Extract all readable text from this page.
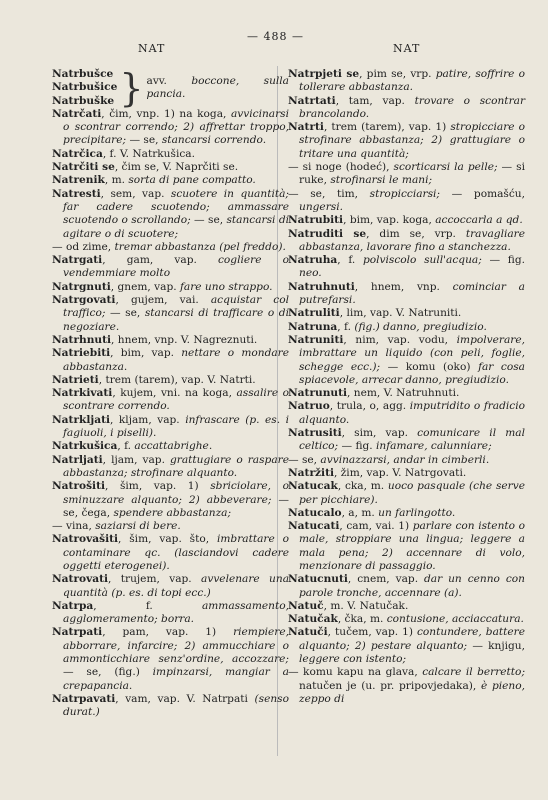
NAT
— 488 —
NAT
Natrbušce
Natrbušice
Natrbuške } avv. boccone, sulla pancia.

Natrčati, čim, vnp. 1) na koga, avvicinarsi o scontrar correndo; 2) affrettar troppo, precipitare; — se, stancarsi correndo.

Natrčica, f. V. Natrkušica.

Natrčiti se, čim se, V. Naprčiti se.

Natrenik, m. sorta di pane compatto.

Natresti, sem, vap. scuotere in quantità; far cadere scuotendo; ammassare scuotendo o scrollando; — se, stancarsi di agitare o di scuotere;

— od zime, tremar abbastanza (pel freddo).

Natrgati, gam, vap. cogliere o vendemmiare molto

Natrgnuti, gnem, vap. fare uno strappo.

Natrgovati, gujem, vai. acquistar col traffico; — se, stancarsi di trafficare o di negoziare.

Natrhnuti, hnem, vnp. V. Nagreznuti.

Natriebiti, bim, vap. nettare o mondare abbastanza.

Natrieti, trem (tarem), vap. V. Natrti.

Natrkivati, kujem, vni. na koga, assalire o scontrare correndo.

Natrkljati, kljam, vap. infrascare (p. es. i fagiuoli, i piselli).

Natrkušica, f. accattabrighe.

Natrljati, ljam, vap. grattugiare o raspare abbastanza; strofinare alquanto.

Natrošiti, šim, vap. 1) sbriciolare, o sminuzzare alquanto; 2) abbeverare; — se, čega, spendere abbastanza;

— vina, saziarsi di bere.

Natrovašiti, šim, vap. što, imbrattare o contaminare qc. (lasciandovi cadere oggetti eterogenei).

Natrovati, trujem, vap. avvelenare una quantità (p. es. di topi ecc.)

Natrpa, f. ammassamento, agglomeramento; borra.

Natrpati, pam, vap. 1) riempiere, abborrare, infarcire; 2) ammucchiare o ammonticchiare senz'ordine, accozzare; — se, (fig.) impinzarsi, mangiar a crepapancia.

Natrpavati, vam, vap. V. Natrpati (senso durat.)

Natrpjeti se, pim se, vrp. patire, soffrire o tollerare abbastanza.

Natrtati, tam, vap. trovare o scontrar brancolando.

Natrti, trem (tarem), vap. 1) stropicciare o strofinare abbastanza; 2) grattugiare o tritare una quantità;

— si noge (hodeć), scorticarsi la pelle; — si ruke, strofinarsi le mani;

— se, tim, stropicciarsi; — pomašću, ungersi.

Natrubiti, bim, vap. koga, accoccarla a qd.

Natruditi se, dim se, vrp. travagliare abbastanza, lavorare fino a stanchezza.

Natruha, f. polviscolo sull'acqua; — fig. neo.

Natruhnuti, hnem, vnp. cominciar a putrefarsi.

Natruliti, lim, vap. V. Natruniti.

Natruna, f. (fig.) danno, pregiudizio.

Natruniti, nim, vap. vodu, impolverare, imbrattare un liquido (con peli, foglie, schegge ecc.); — komu (oko) far cosa spiacevole, arrecar danno, pregiudizio.

Natrunuti, nem, V. Natruhnuti.

Natruo, trula, o, agg. imputridito o fradicio alquanto.

Natrusiti, sim, vap. comunicare il mal celtico; — fig. infamare, calunniare;

— se, avvinazzarsi, andar in cimberli.

Natržiti, žim, vap. V. Natrgovati.

Natucak, cka, m. uoco pasquale (che serve per picchiare).

Natucalo, a, m. un farlingotto.

Natucati, cam, vai. 1) parlare con istento o male, stroppiare una lingua; leggere a mala pena; 2) accennare di volo, menzionare di passaggio.

Natucnuti, cnem, vap. dar un cenno con parole tronche, accennare (a).

Natuč, m. V. Natučak.

Natučak, čka, m. contusione, acciaccatura.

Natuči, tučem, vap. 1) contundere, battere alquanto; 2) pestare alquanto; — knjigu, leggere con istento;

— komu kapu na glava, calcare il berretto; natučen je (u. pr. pripovjedaka), è pieno, zeppo di
